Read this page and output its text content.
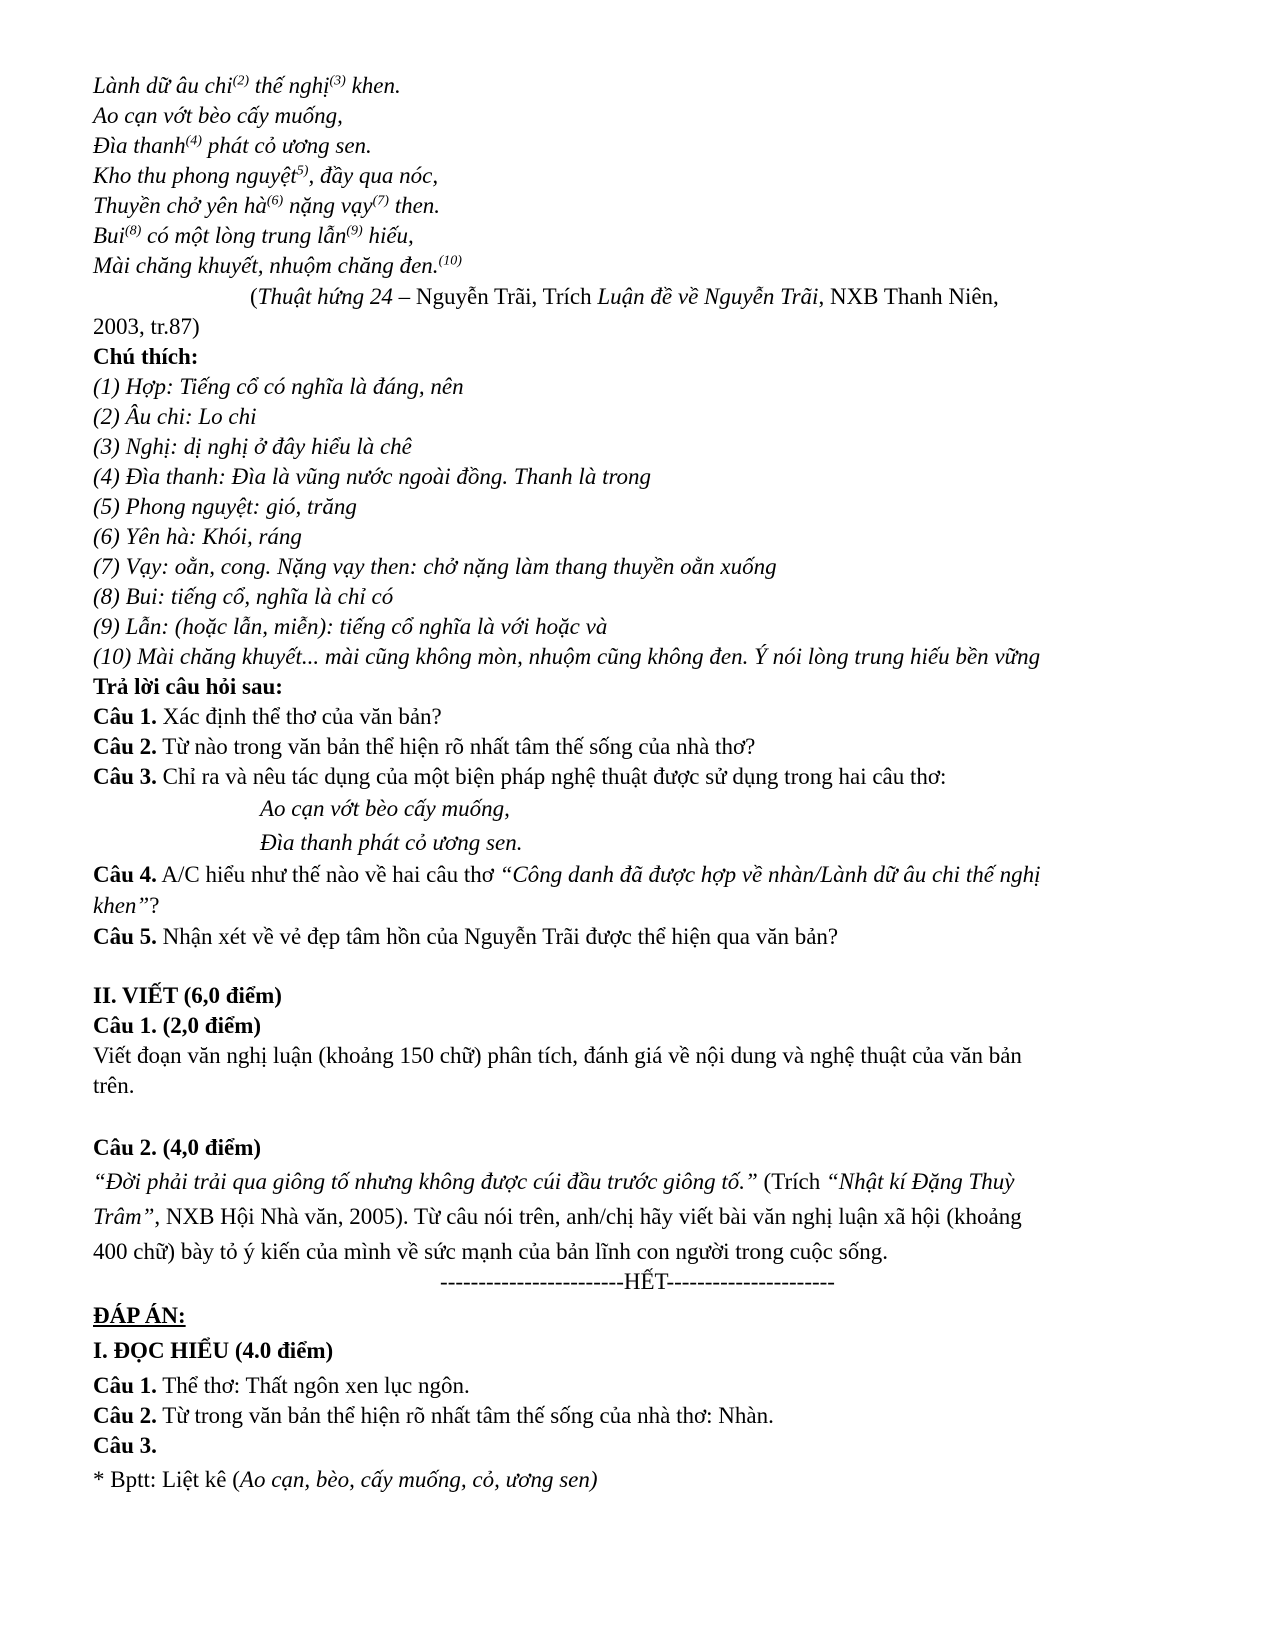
Lành dữ âu chi$^{(2)}$ thế nghị$^{(3)}$ khen.
Ao cạn vớt bèo cấy muống,
Đìa thanh$^{(4)}$ phát cỏ ương sen.
Kho thu phong nguyệt$^{5)}$, đầy qua nóc,
Thuyền chở yên $hà^{(6)}$ nặng vạy$^{(7)}$ then.
Bui$^{(8)}$ có một lòng trung lẫn$^{(9)}$ hiếu,
Mài chăng khuyết, nhuộm chăng đen.$^{(10)}$
(Thuật hứng 24 – Nguyễn Trãi, Trích Luận đề về Nguyễn Trãi, NXB Thanh Niên,
2003, tr.87)
Chú thích:
(1) Hợp: Tiếng cổ có nghĩa là đáng, nên
(2) Âu chi: Lo chi
(3) Nghị: dị nghị ở đây hiểu là chê
(4) Đìa thanh: Đìa là vũng nước ngoài đồng. Thanh là trong
(5) Phong nguyệt: gió, trăng
(6) Yên hà: Khói, ráng
(7) Vạy: oằn, cong. Nặng vạy then: chở nặng làm thang thuyền oằn xuống
(8) Bui: tiếng cổ, nghĩa là chỉ có
(9) Lẫn: (hoặc lẫn, miễn): tiếng cổ nghĩa là với hoặc và
(10) Mài chăng khuyết... mài cũng không mòn, nhuộm cũng không đen. Ý nói lòng trung hiếu bền vững
Trả lời câu hỏi sau:
Câu 1. Xác định thể thơ của văn bản?
Câu 2. Từ nào trong văn bản thể hiện rõ nhất tâm thế sống của nhà thơ?
Câu 3. Chỉ ra và nêu tác dụng của một biện pháp nghệ thuật được sử dụng trong hai câu thơ:
Ao cạn vớt bèo cấy muống,
Đìa thanh phát cỏ ương sen.
Câu 4. A/C hiểu như thế nào về hai câu thơ “Công danh đã được hợp về nhàn/Lành dữ âu chi thế nghị
khen”?
Câu 5. Nhận xét về vẻ đẹp tâm hồn của Nguyễn Trãi được thể hiện qua văn bản?
II. VIẾT (6,0 điểm)
Câu 1. (2,0 điểm)
Viết đoạn văn nghị luận (khoảng 150 chữ) phân tích, đánh giá về nội dung và nghệ thuật của văn bản
trên.
Câu 2. (4,0 điểm)
“Đời phải trải qua giông tố nhưng không được cúi đầu trước giông tố.” (Trích “Nhật kí Đặng Thuỳ
Trâm”, NXB Hội Nhà văn, 2005). Từ câu nói trên, anh/chị hãy viết bài văn nghị luận xã hội (khoảng
400 chữ) bày tỏ ý kiến của mình về sức mạnh của bản lĩnh con người trong cuộc sống.
------------------------HẾT----------------------
ĐÁP ÁN:
I. ĐỌC HIỂU (4.0 điểm)
Câu 1. Thể thơ: Thất ngôn xen lục ngôn.
Câu 2. Từ trong văn bản thể hiện rõ nhất tâm thế sống của nhà thơ: Nhàn.
Câu 3.
* Bptt: Liệt kê (Ao cạn, bèo, cấy muống, cỏ, ương sen)
